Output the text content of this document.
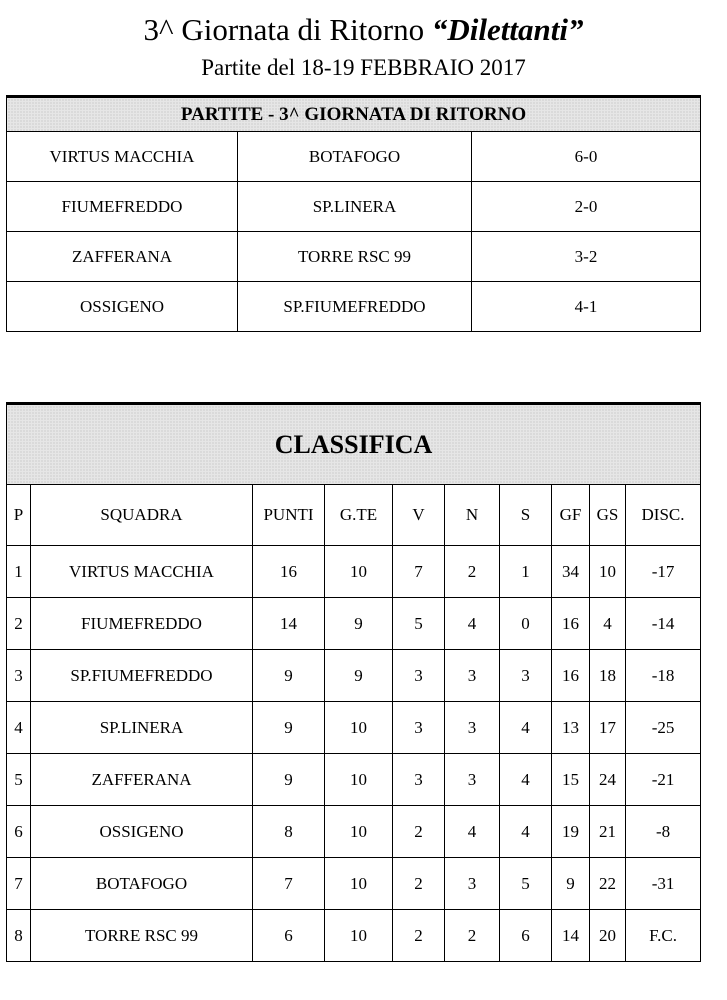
3^ Giornata di Ritorno “Dilettanti”
Partite del 18-19 FEBBRAIO 2017
PARTITE - 3^ GIORNATA DI RITORNO		
VIRTUS MACCHIA	BOTAFOGO	6-0
FIUMEFREDDO	SP.LINERA	2-0
ZAFFERANA	TORRE RSC 99	3-2
OSSIGENO	SP.FIUMEFREDDO	4-1
CLASSIFICA									
P	SQUADRA	PUNTI	G.TE	V	N	S	GF	GS	DISC.
1	VIRTUS MACCHIA	16	10	7	2	1	34	10	-17
2	FIUMEFREDDO	14	9	5	4	0	16	4	-14
3	SP.FIUMEFREDDO	9	9	3	3	3	16	18	-18
4	SP.LINERA	9	10	3	3	4	13	17	-25
5	ZAFFERANA	9	10	3	3	4	15	24	-21
6	OSSIGENO	8	10	2	4	4	19	21	-8
7	BOTAFOGO	7	10	2	3	5	9	22	-31
8	TORRE RSC 99	6	10	2	2	6	14	20	F.C.
